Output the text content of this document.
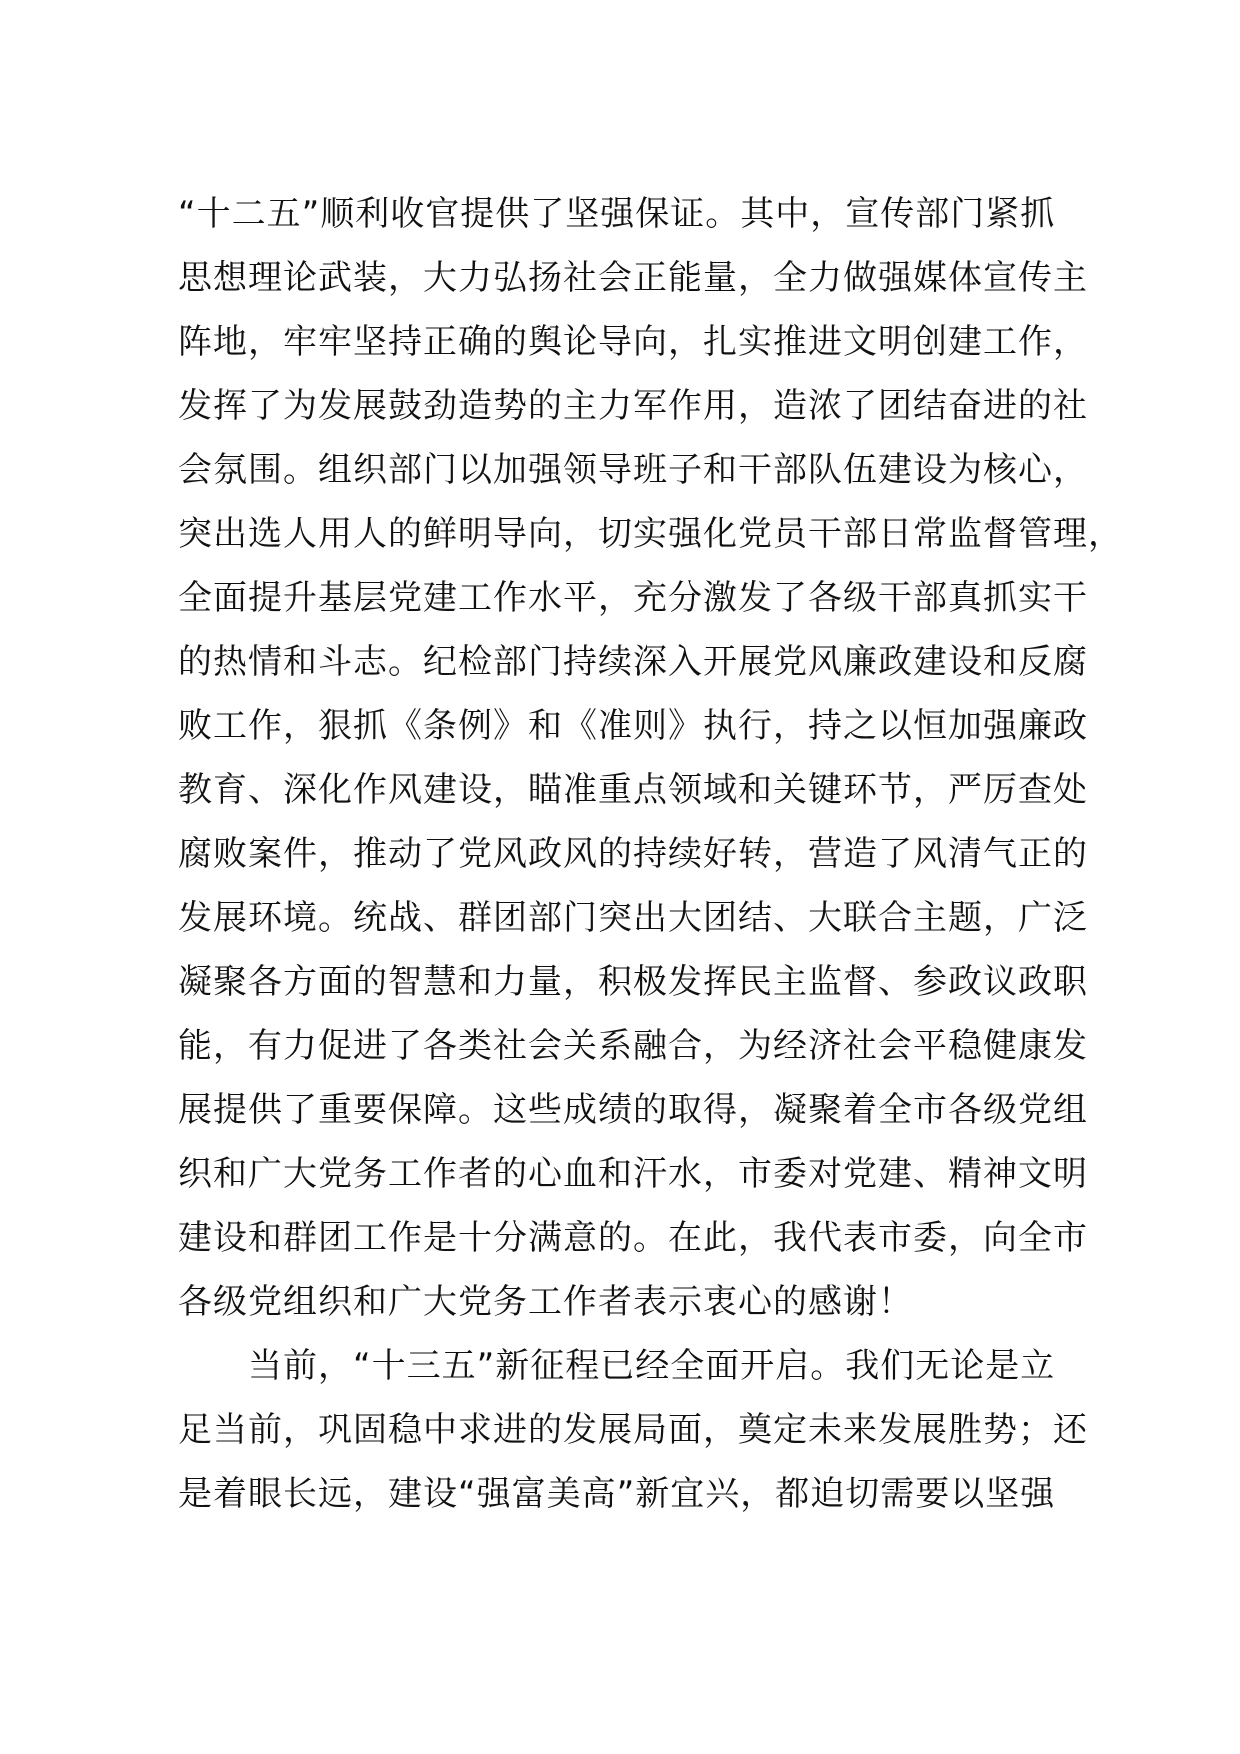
“十二五”顺利收官提供了坚强保证。其中，宣传部门紧抓
思想理论武装，大力弘扬社会正能量，全力做强媒体宣传主
阵地，牢牢坚持正确的舆论导向，扎实推进文明创建工作，
发挥了为发展鼓劲造势的主力军作用，造浓了团结奋进的社
会氛围。组织部门以加强领导班子和干部队伍建设为核心，
突出选人用人的鲜明导向，切实强化党员干部日常监督管理，
全面提升基层党建工作水平，充分激发了各级干部真抓实干
的热情和斗志。纪检部门持续深入开展党风廉政建设和反腐
败工作，狠抓《条例》和《准则》执行，持之以恒加强廉政
教育、深化作风建设，瞄准重点领域和关键环节，严厉查处
腐败案件，推动了党风政风的持续好转，营造了风清气正的
发展环境。统战、群团部门突出大团结、大联合主题，广泛
凝聚各方面的智慧和力量，积极发挥民主监督、参政议政职
能，有力促进了各类社会关系融合，为经济社会平稳健康发
展提供了重要保障。这些成绩的取得，凝聚着全市各级党组
织和广大党务工作者的心血和汗水，市委对党建、精神文明
建设和群团工作是十分满意的。在此，我代表市委，向全市
各级党组织和广大党务工作者表示衷心的感谢！
　　当前，“十三五”新征程已经全面开启。我们无论是立
足当前，巩固稳中求进的发展局面，奠定未来发展胜势；还
是着眼长远，建设“强富美高”新宜兴，都迫切需要以坚强
